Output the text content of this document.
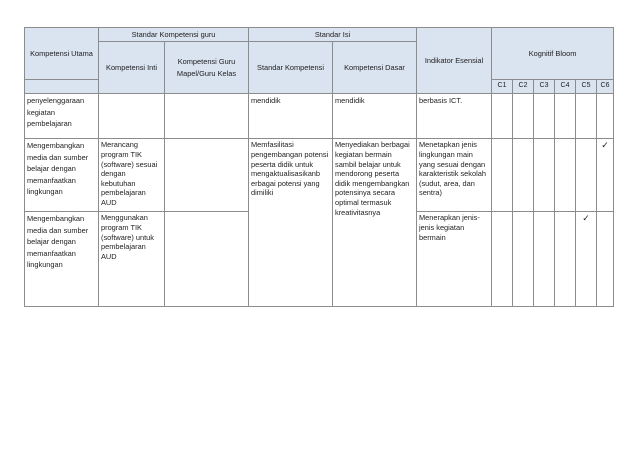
Kompetensi Utama	Standar Kompetensi guru		Standar Isi		Indikator Esensial	Kognitif Bloom					
	Kompetensi Inti	Kompetensi Guru Mapel/Guru Kelas	Standar Kompetensi	Kompetensi Dasar							
						C1	C2	C3	C4	C5	C6
penyelenggaraan kegiatan pembelajaran			mendidik	mendidik	berbasis ICT.						
Mengembangkan media dan sumber belajar dengan memanfaatkan lingkungan	Merancang program TIK (software) sesuai dengan kebutuhan pembelajaran AUD		Memfasilitasi pengembangan potensi peserta didik untuk mengaktualisasikanb erbagai potensi yang dimiliki	Menyediakan berbagai kegiatan bermain sambil belajar untuk mendorong peserta didik mengembangkan potensinya secara optimal termasuk kreativitasnya	Menetapkan jenis lingkungan main yang sesuai dengan karakteristik sekolah (sudut, area, dan sentra)						✓
Mengembangkan media dan sumber belajar dengan memanfaatkan lingkungan	Menggunakan program TIK (software) untuk pembelajaran AUD				Menerapkan jenis-jenis kegiatan bermain					✓	
